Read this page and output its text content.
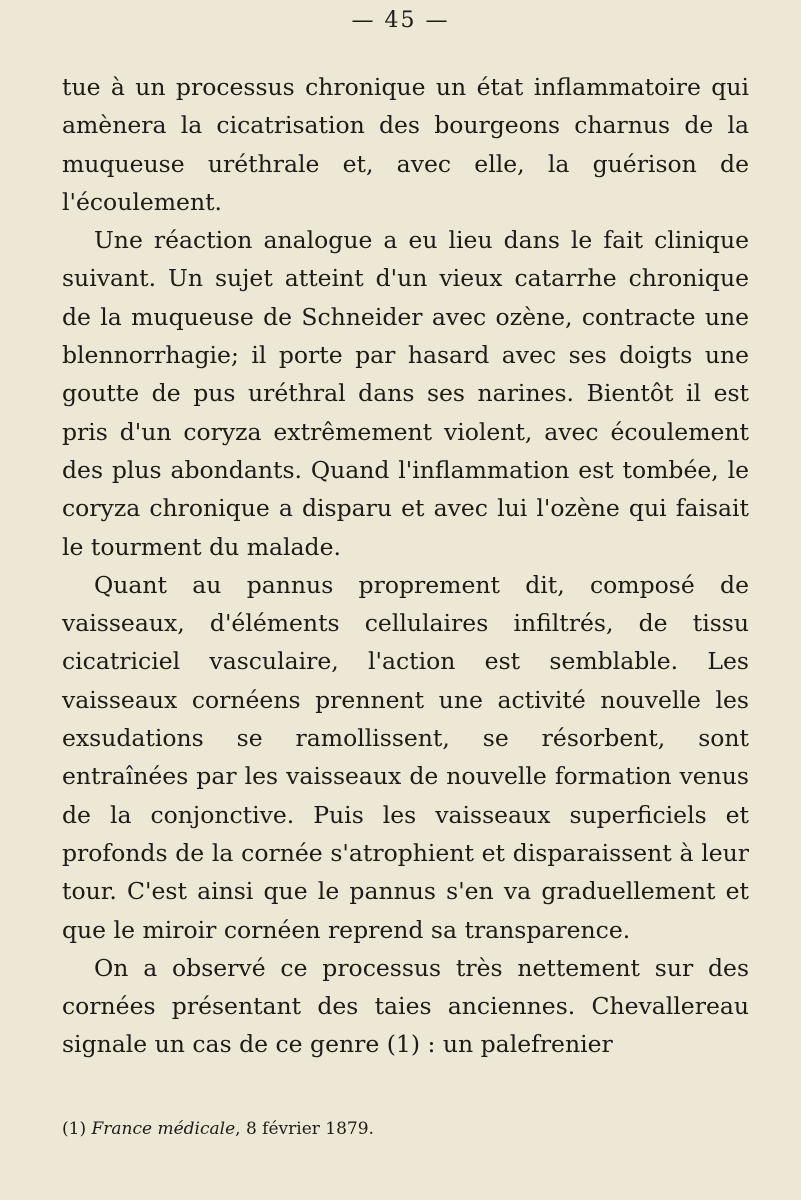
— 45 —

tue à un processus chronique un état inflammatoire qui amènera la cicatrisation des bourgeons charnus de la muqueuse uréthrale et, avec elle, la guérison de l'écoulement.

Une réaction analogue a eu lieu dans le fait clinique suivant. Un sujet atteint d'un vieux catarrhe chronique de la muqueuse de Schneider avec ozène, contracte une blennorrhagie; il porte par hasard avec ses doigts une goutte de pus uréthral dans ses narines. Bientôt il est pris d'un coryza extrêmement violent, avec écoulement des plus abondants. Quand l'inflammation est tombée, le coryza chronique a disparu et avec lui l'ozène qui faisait le tourment du malade.

Quant au pannus proprement dit, composé de vaisseaux, d'éléments cellulaires infiltrés, de tissu cicatriciel vasculaire, l'action est semblable. Les vaisseaux cornéens prennent une activité nouvelle les exsudations se ramollissent, se résorbent, sont entraînées par les vaisseaux de nouvelle formation venus de la conjonctive. Puis les vaisseaux superficiels et profonds de la cornée s'atrophient et disparaissent à leur tour. C'est ainsi que le pannus s'en va graduellement et que le miroir cornéen reprend sa transparence.

On a observé ce processus très nettement sur des cornées présentant des taies anciennes. Chevallereau signale un cas de ce genre (1) : un palefrenier

(1) France médicale, 8 février 1879.
